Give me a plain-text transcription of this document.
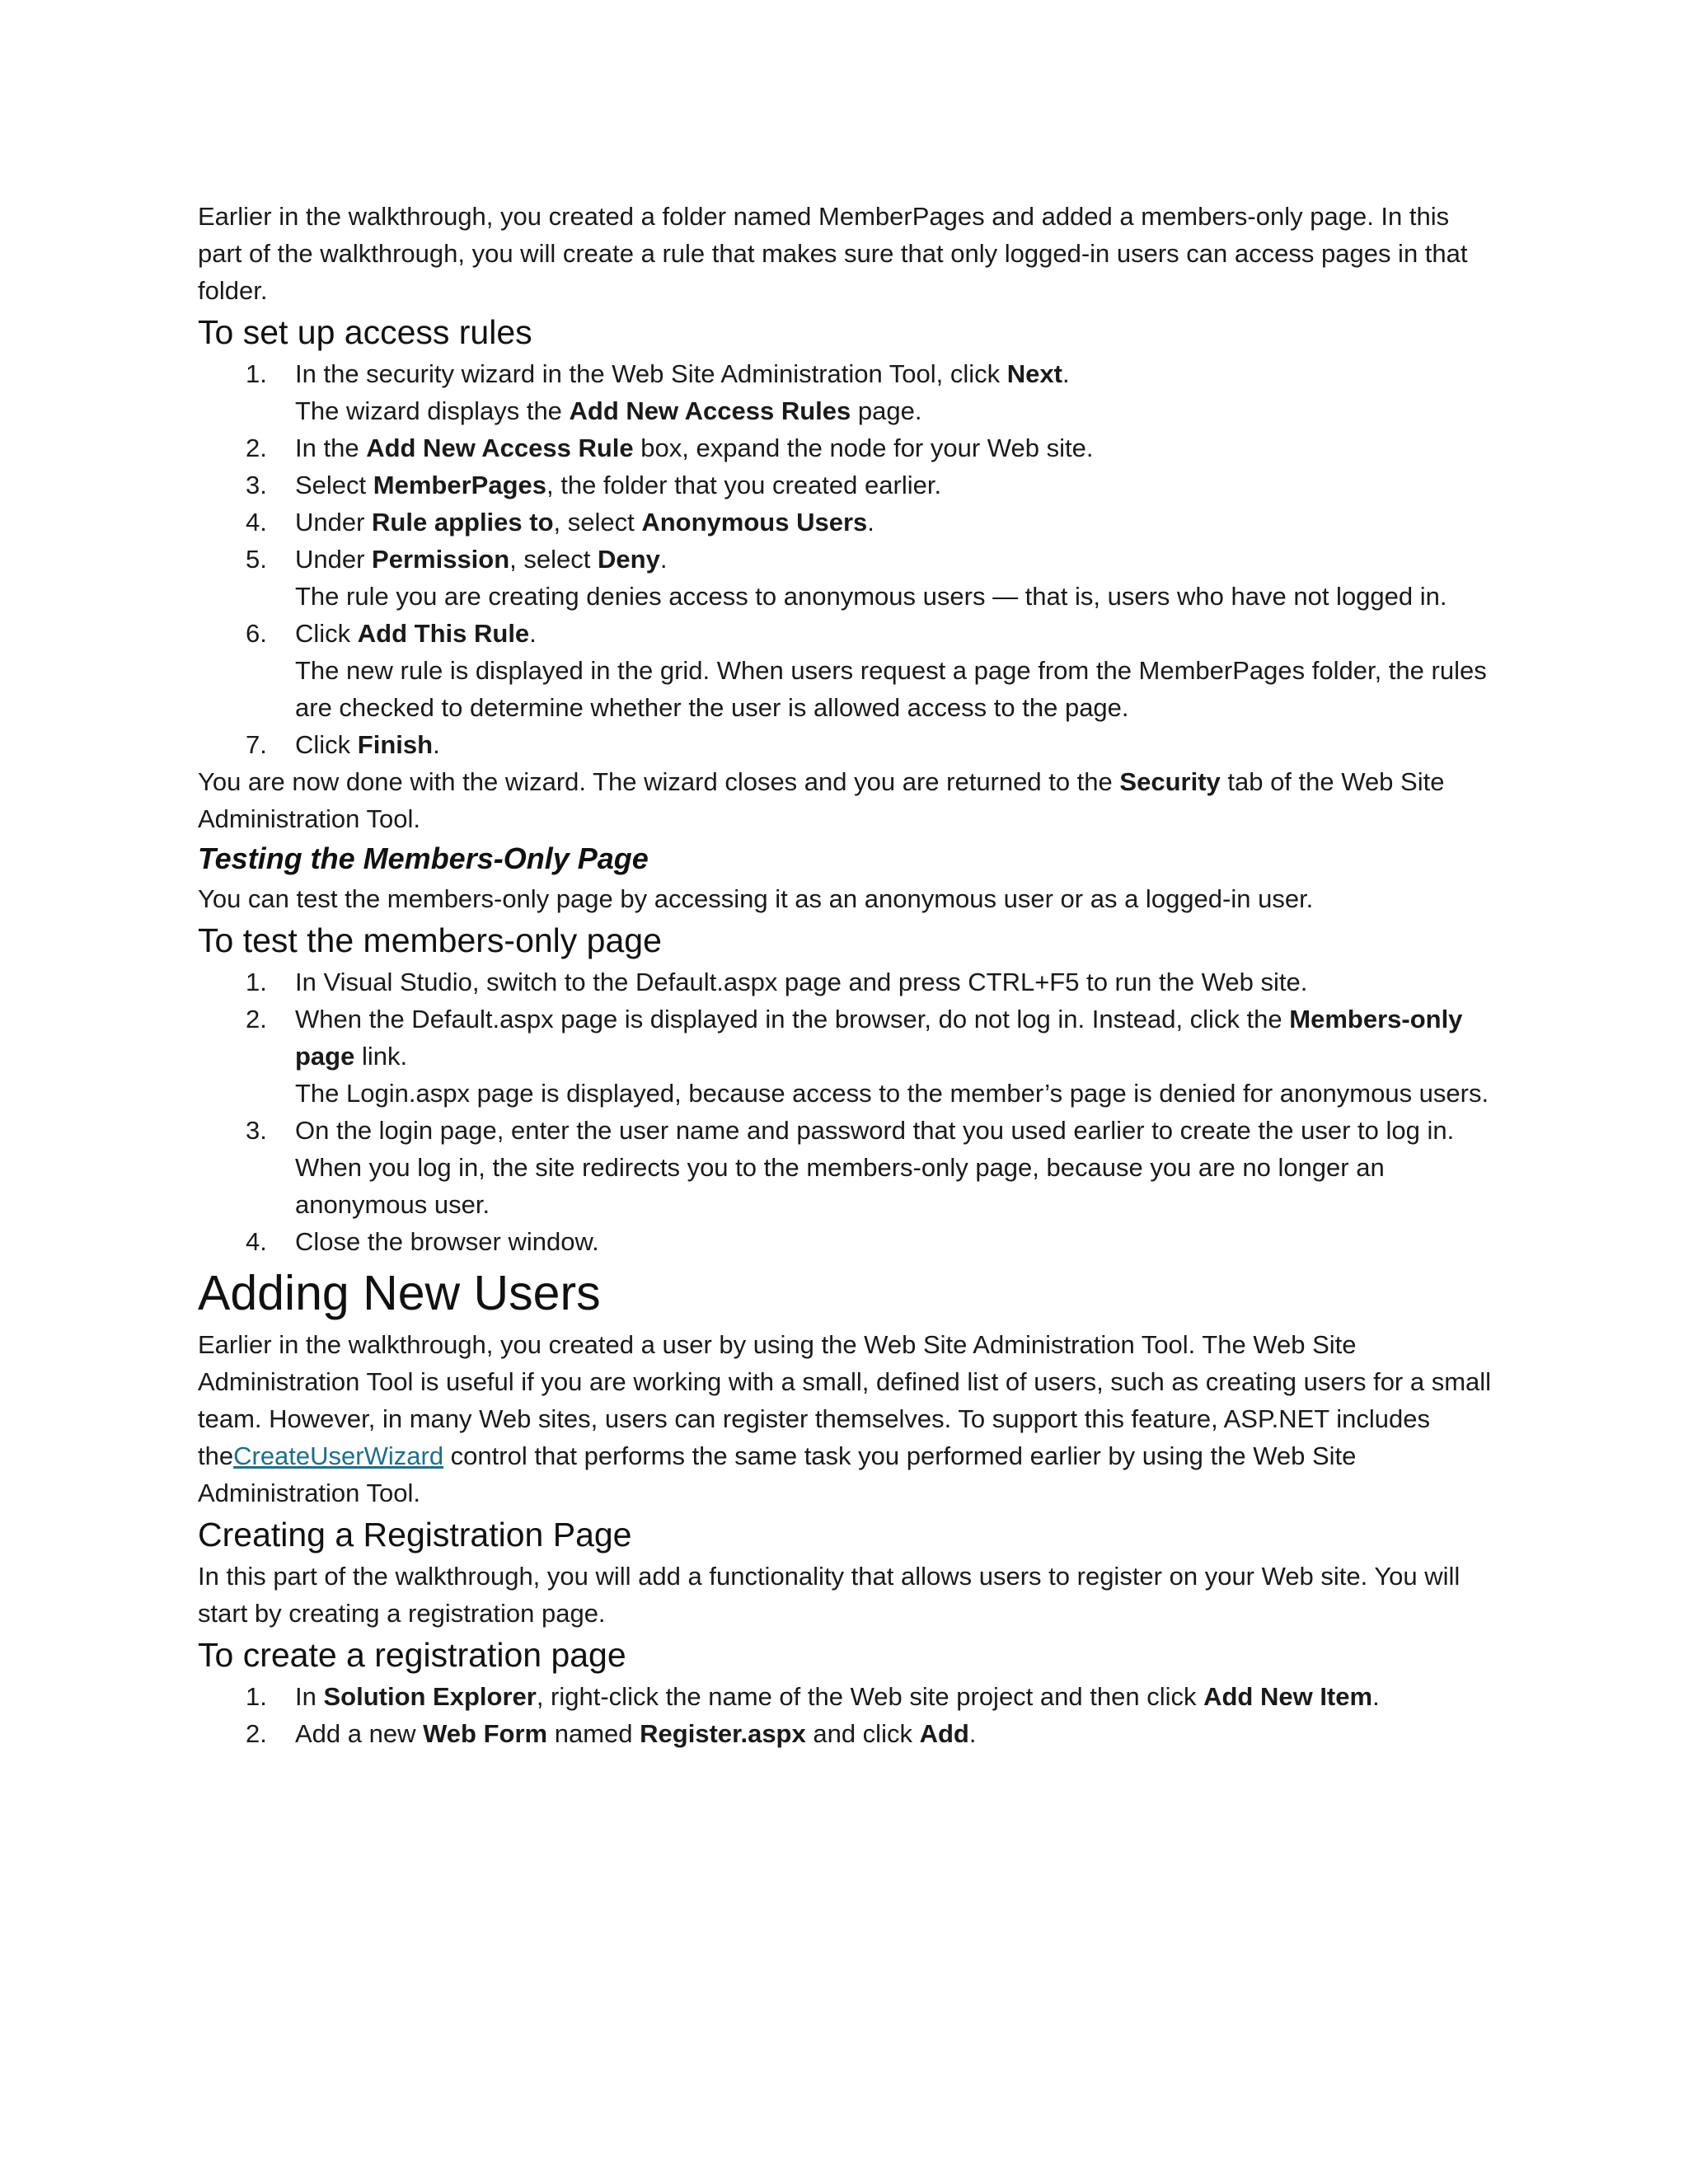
Earlier in the walkthrough, you created a folder named MemberPages and added a members-only page. In this part of the walkthrough, you will create a rule that makes sure that only logged-in users can access pages in that folder.

To set up access rules
1. In the security wizard in the Web Site Administration Tool, click Next.
The wizard displays the Add New Access Rules page.
2. In the Add New Access Rule box, expand the node for your Web site.
3. Select MemberPages, the folder that you created earlier.
4. Under Rule applies to, select Anonymous Users.
5. Under Permission, select Deny.
The rule you are creating denies access to anonymous users — that is, users who have not logged in.
6. Click Add This Rule.
The new rule is displayed in the grid. When users request a page from the MemberPages folder, the rules are checked to determine whether the user is allowed access to the page.
7. Click Finish.

You are now done with the wizard. The wizard closes and you are returned to the Security tab of the Web Site Administration Tool.

Testing the Members-Only Page

You can test the members-only page by accessing it as an anonymous user or as a logged-in user.

To test the members-only page
1. In Visual Studio, switch to the Default.aspx page and press CTRL+F5 to run the Web site.
2. When the Default.aspx page is displayed in the browser, do not log in. Instead, click the Members-only page link.
The Login.aspx page is displayed, because access to the member’s page is denied for anonymous users.
3. On the login page, enter the user name and password that you used earlier to create the user to log in.
When you log in, the site redirects you to the members-only page, because you are no longer an anonymous user.
4. Close the browser window.
Adding New Users

Earlier in the walkthrough, you created a user by using the Web Site Administration Tool. The Web Site Administration Tool is useful if you are working with a small, defined list of users, such as creating users for a small team. However, in many Web sites, users can register themselves. To support this feature, ASP.NET includes theCreateUserWizard control that performs the same task you performed earlier by using the Web Site Administration Tool.

Creating a Registration Page

In this part of the walkthrough, you will add a functionality that allows users to register on your Web site. You will start by creating a registration page.

To create a registration page
1. In Solution Explorer, right-click the name of the Web site project and then click Add New Item.
2. Add a new Web Form named Register.aspx and click Add.
